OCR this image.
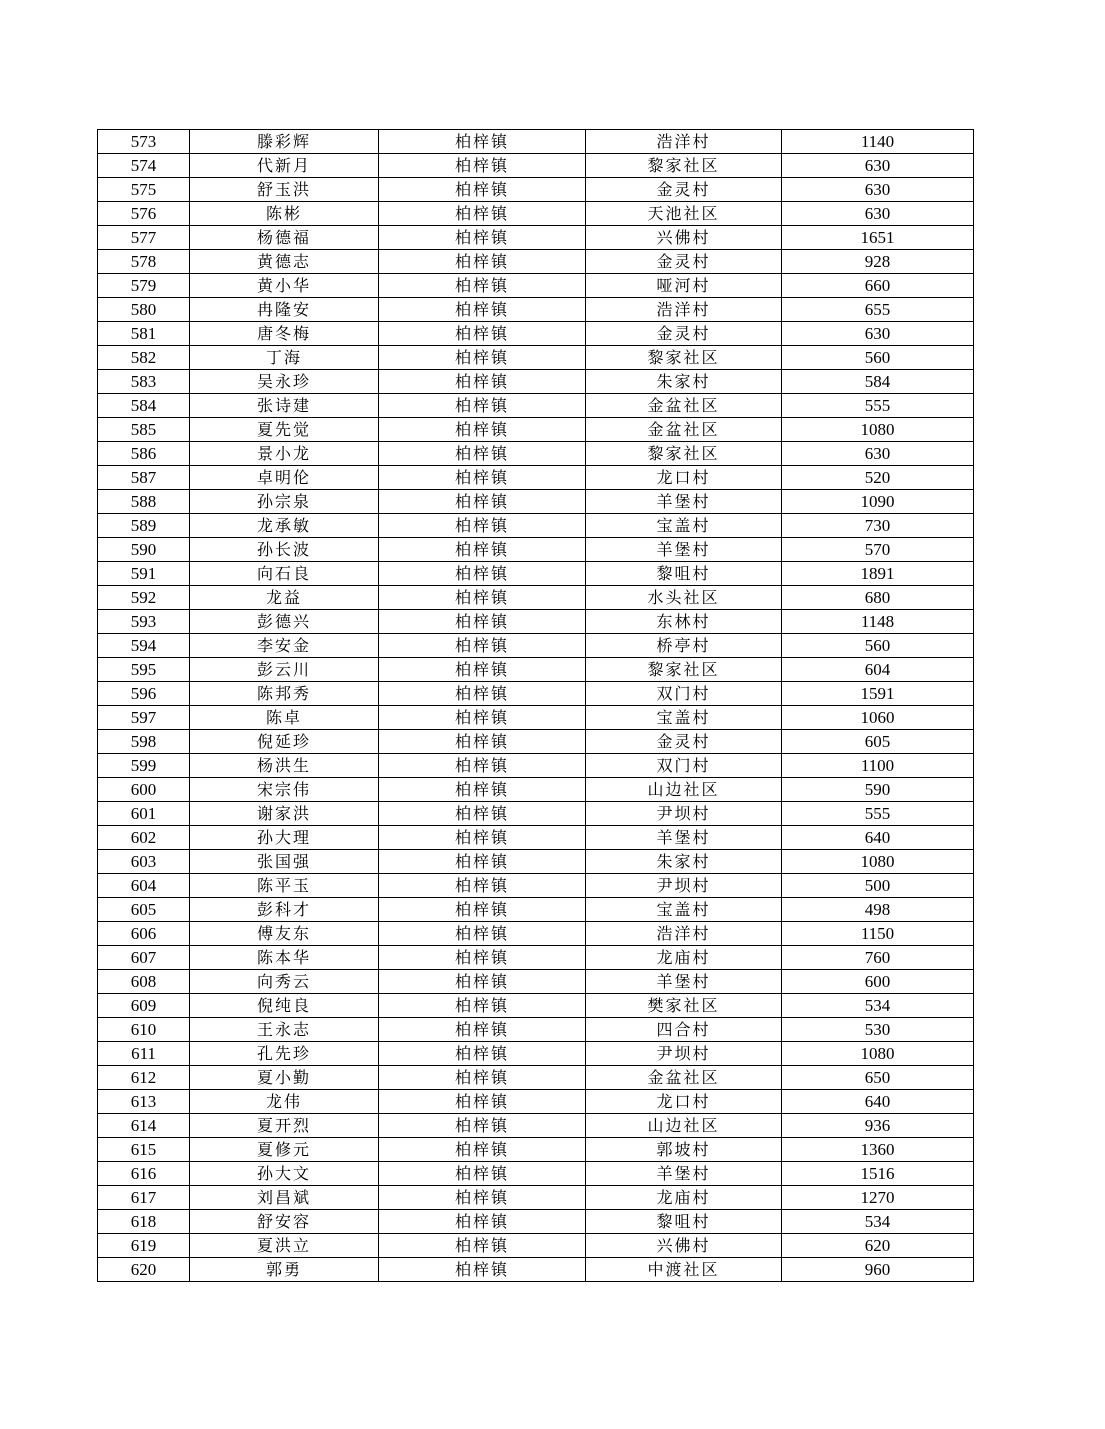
573	滕彩辉	柏梓镇	浩洋村	1140
574	代新月	柏梓镇	黎家社区	630
575	舒玉洪	柏梓镇	金灵村	630
576	陈彬	柏梓镇	天池社区	630
577	杨德福	柏梓镇	兴佛村	1651
578	黄德志	柏梓镇	金灵村	928
579	黄小华	柏梓镇	哑河村	660
580	冉隆安	柏梓镇	浩洋村	655
581	唐冬梅	柏梓镇	金灵村	630
582	丁海	柏梓镇	黎家社区	560
583	吴永珍	柏梓镇	朱家村	584
584	张诗建	柏梓镇	金盆社区	555
585	夏先觉	柏梓镇	金盆社区	1080
586	景小龙	柏梓镇	黎家社区	630
587	卓明伦	柏梓镇	龙口村	520
588	孙宗泉	柏梓镇	羊堡村	1090
589	龙承敏	柏梓镇	宝盖村	730
590	孙长波	柏梓镇	羊堡村	570
591	向石良	柏梓镇	黎咀村	1891
592	龙益	柏梓镇	水头社区	680
593	彭德兴	柏梓镇	东林村	1148
594	李安金	柏梓镇	桥亭村	560
595	彭云川	柏梓镇	黎家社区	604
596	陈邦秀	柏梓镇	双门村	1591
597	陈卓	柏梓镇	宝盖村	1060
598	倪延珍	柏梓镇	金灵村	605
599	杨洪生	柏梓镇	双门村	1100
600	宋宗伟	柏梓镇	山边社区	590
601	谢家洪	柏梓镇	尹坝村	555
602	孙大理	柏梓镇	羊堡村	640
603	张国强	柏梓镇	朱家村	1080
604	陈平玉	柏梓镇	尹坝村	500
605	彭科才	柏梓镇	宝盖村	498
606	傅友东	柏梓镇	浩洋村	1150
607	陈本华	柏梓镇	龙庙村	760
608	向秀云	柏梓镇	羊堡村	600
609	倪纯良	柏梓镇	樊家社区	534
610	王永志	柏梓镇	四合村	530
611	孔先珍	柏梓镇	尹坝村	1080
612	夏小勤	柏梓镇	金盆社区	650
613	龙伟	柏梓镇	龙口村	640
614	夏开烈	柏梓镇	山边社区	936
615	夏修元	柏梓镇	郭坡村	1360
616	孙大文	柏梓镇	羊堡村	1516
617	刘昌斌	柏梓镇	龙庙村	1270
618	舒安容	柏梓镇	黎咀村	534
619	夏洪立	柏梓镇	兴佛村	620
620	郭勇	柏梓镇	中渡社区	960
